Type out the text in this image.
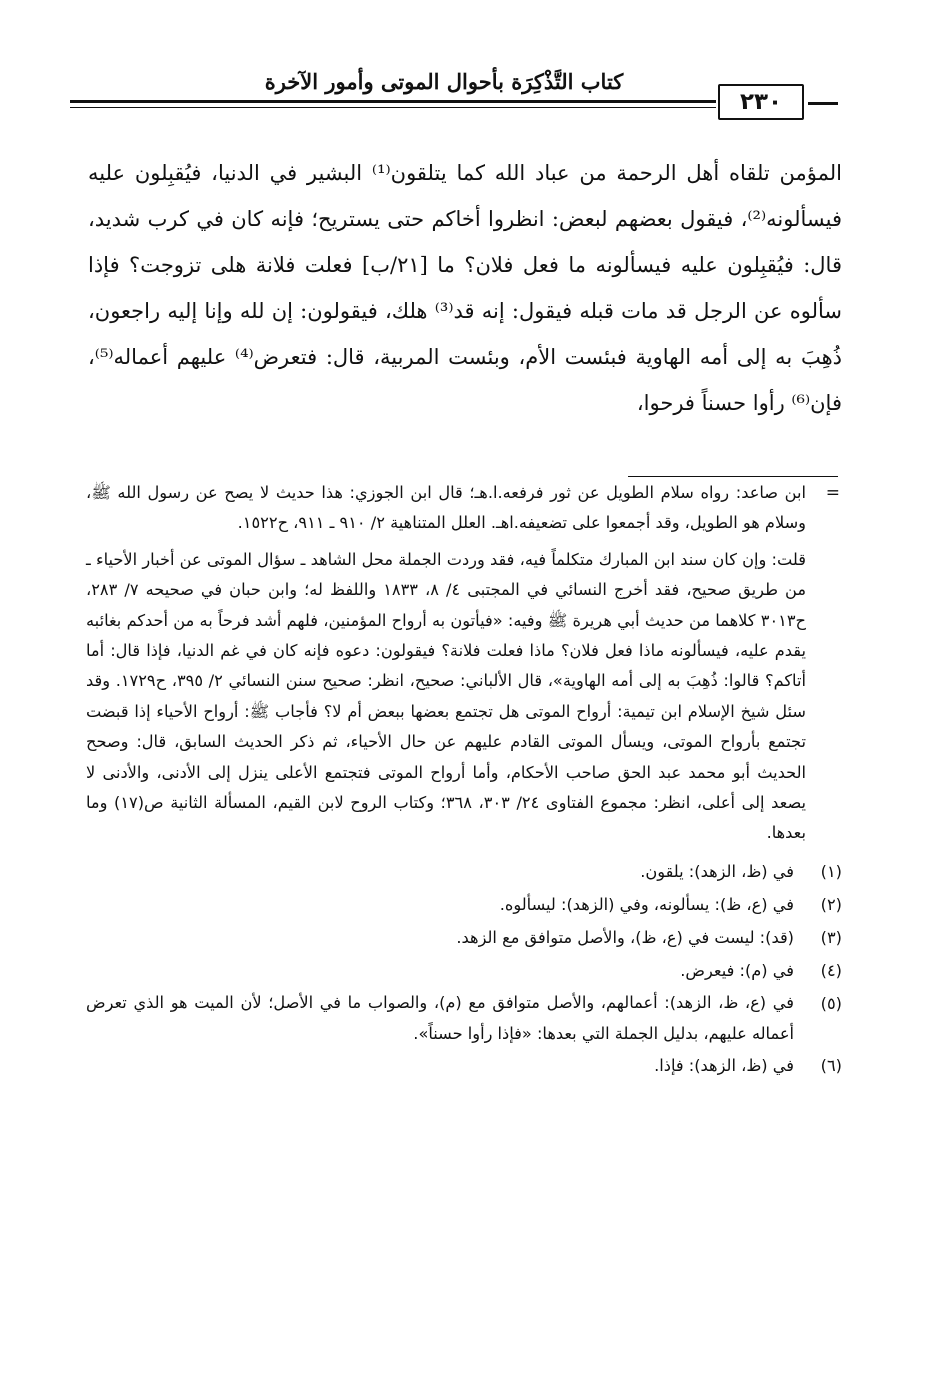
كتاب التَّذْكِرَة بأحوال الموتى وأمور الآخرة
٢٣٠

المؤمن تلقاه أهل الرحمة من عباد الله كما يتلقون⁽¹⁾ البشير في الدنيا، فيُقبِلون عليه فيسألونه⁽²⁾، فيقول بعضهم لبعض: انظروا أخاكم حتى يستريح؛ فإنه كان في كرب شديد، قال: فيُقبِلون عليه فيسألونه ما فعل فلان؟ ما [٢١/ب] فعلت فلانة هلى تزوجت؟ فإذا سألوه عن الرجل قد مات قبله فيقول: إنه قد⁽³⁾ هلك، فيقولون: إن لله وإنا إليه راجعون، ذُهِبَ به إلى أمه الهاوية فبئست الأم، وبئست المربية، قال: فتعرض⁽⁴⁾ عليهم أعماله⁽⁵⁾، فإن⁽⁶⁾ رأوا حسناً فرحوا،

=

ابن صاعد: رواه سلام الطويل عن ثور فرفعه.ا.هـ؛ قال ابن الجوزي: هذا حديث لا يصح عن رسول الله ﷺ، وسلام هو الطويل، وقد أجمعوا على تضعيفه.اهـ. العلل المتناهية ٢/ ٩١٠ ـ ٩١١، ح١٥٢٢.

قلت: وإن كان سند ابن المبارك متكلماً فيه، فقد وردت الجملة محل الشاهد ـ سؤال الموتى عن أخبار الأحياء ـ من طريق صحيح، فقد أخرج النسائي في المجتبى ٤/ ٨، ١٨٣٣ واللفظ له؛ وابن حبان في صحيحه ٧/ ٢٨٣، ح٣٠١٣ كلاهما من حديث أبي هريرة ﷺ وفيه: «فيأتون به أرواح المؤمنين، فلهم أشد فرحاً به من أحدكم بغائبه يقدم عليه، فيسألونه ماذا فعل فلان؟ ماذا فعلت فلانة؟ فيقولون: دعوه فإنه كان في غم الدنيا، فإذا قال: أما أتاكم؟ قالوا: ذُهِبَ به إلى أمه الهاوية»، قال الألباني: صحيح، انظر: صحيح سنن النسائي ٢/ ٣٩٥، ح١٧٢٩. وقد سئل شيخ الإسلام ابن تيمية: أرواح الموتى هل تجتمع بعضها ببعض أم لا؟ فأجاب ﷺ: أرواح الأحياء إذا قبضت تجتمع بأرواح الموتى، ويسأل الموتى القادم عليهم عن حال الأحياء، ثم ذكر الحديث السابق، قال: وصحح الحديث أبو محمد عبد الحق صاحب الأحكام، وأما أرواح الموتى فتجتمع الأعلى ينزل إلى الأدنى، والأدنى لا يصعد إلى أعلى، انظر: مجموع الفتاوى ٢٤/ ٣٠٣، ٣٦٨؛ وكتاب الروح لابن القيم، المسألة الثانية ص(١٧) وما بعدها.

(١)

في (ظ، الزهد): يلقون.

(٢)

في (ع، ظ): يسألونه، وفي (الزهد): ليسألوه.

(٣)

(قد): ليست في (ع، ظ)، والأصل متوافق مع الزهد.

(٤)

في (م): فيعرض.

(٥)

في (ع، ظ، الزهد): أعمالهم، والأصل متوافق مع (م)، والصواب ما في الأصل؛ لأن الميت هو الذي تعرض أعماله عليهم، بدليل الجملة التي بعدها: «فإذا رأوا حسناً».

(٦)

في (ظ، الزهد): فإذا.
